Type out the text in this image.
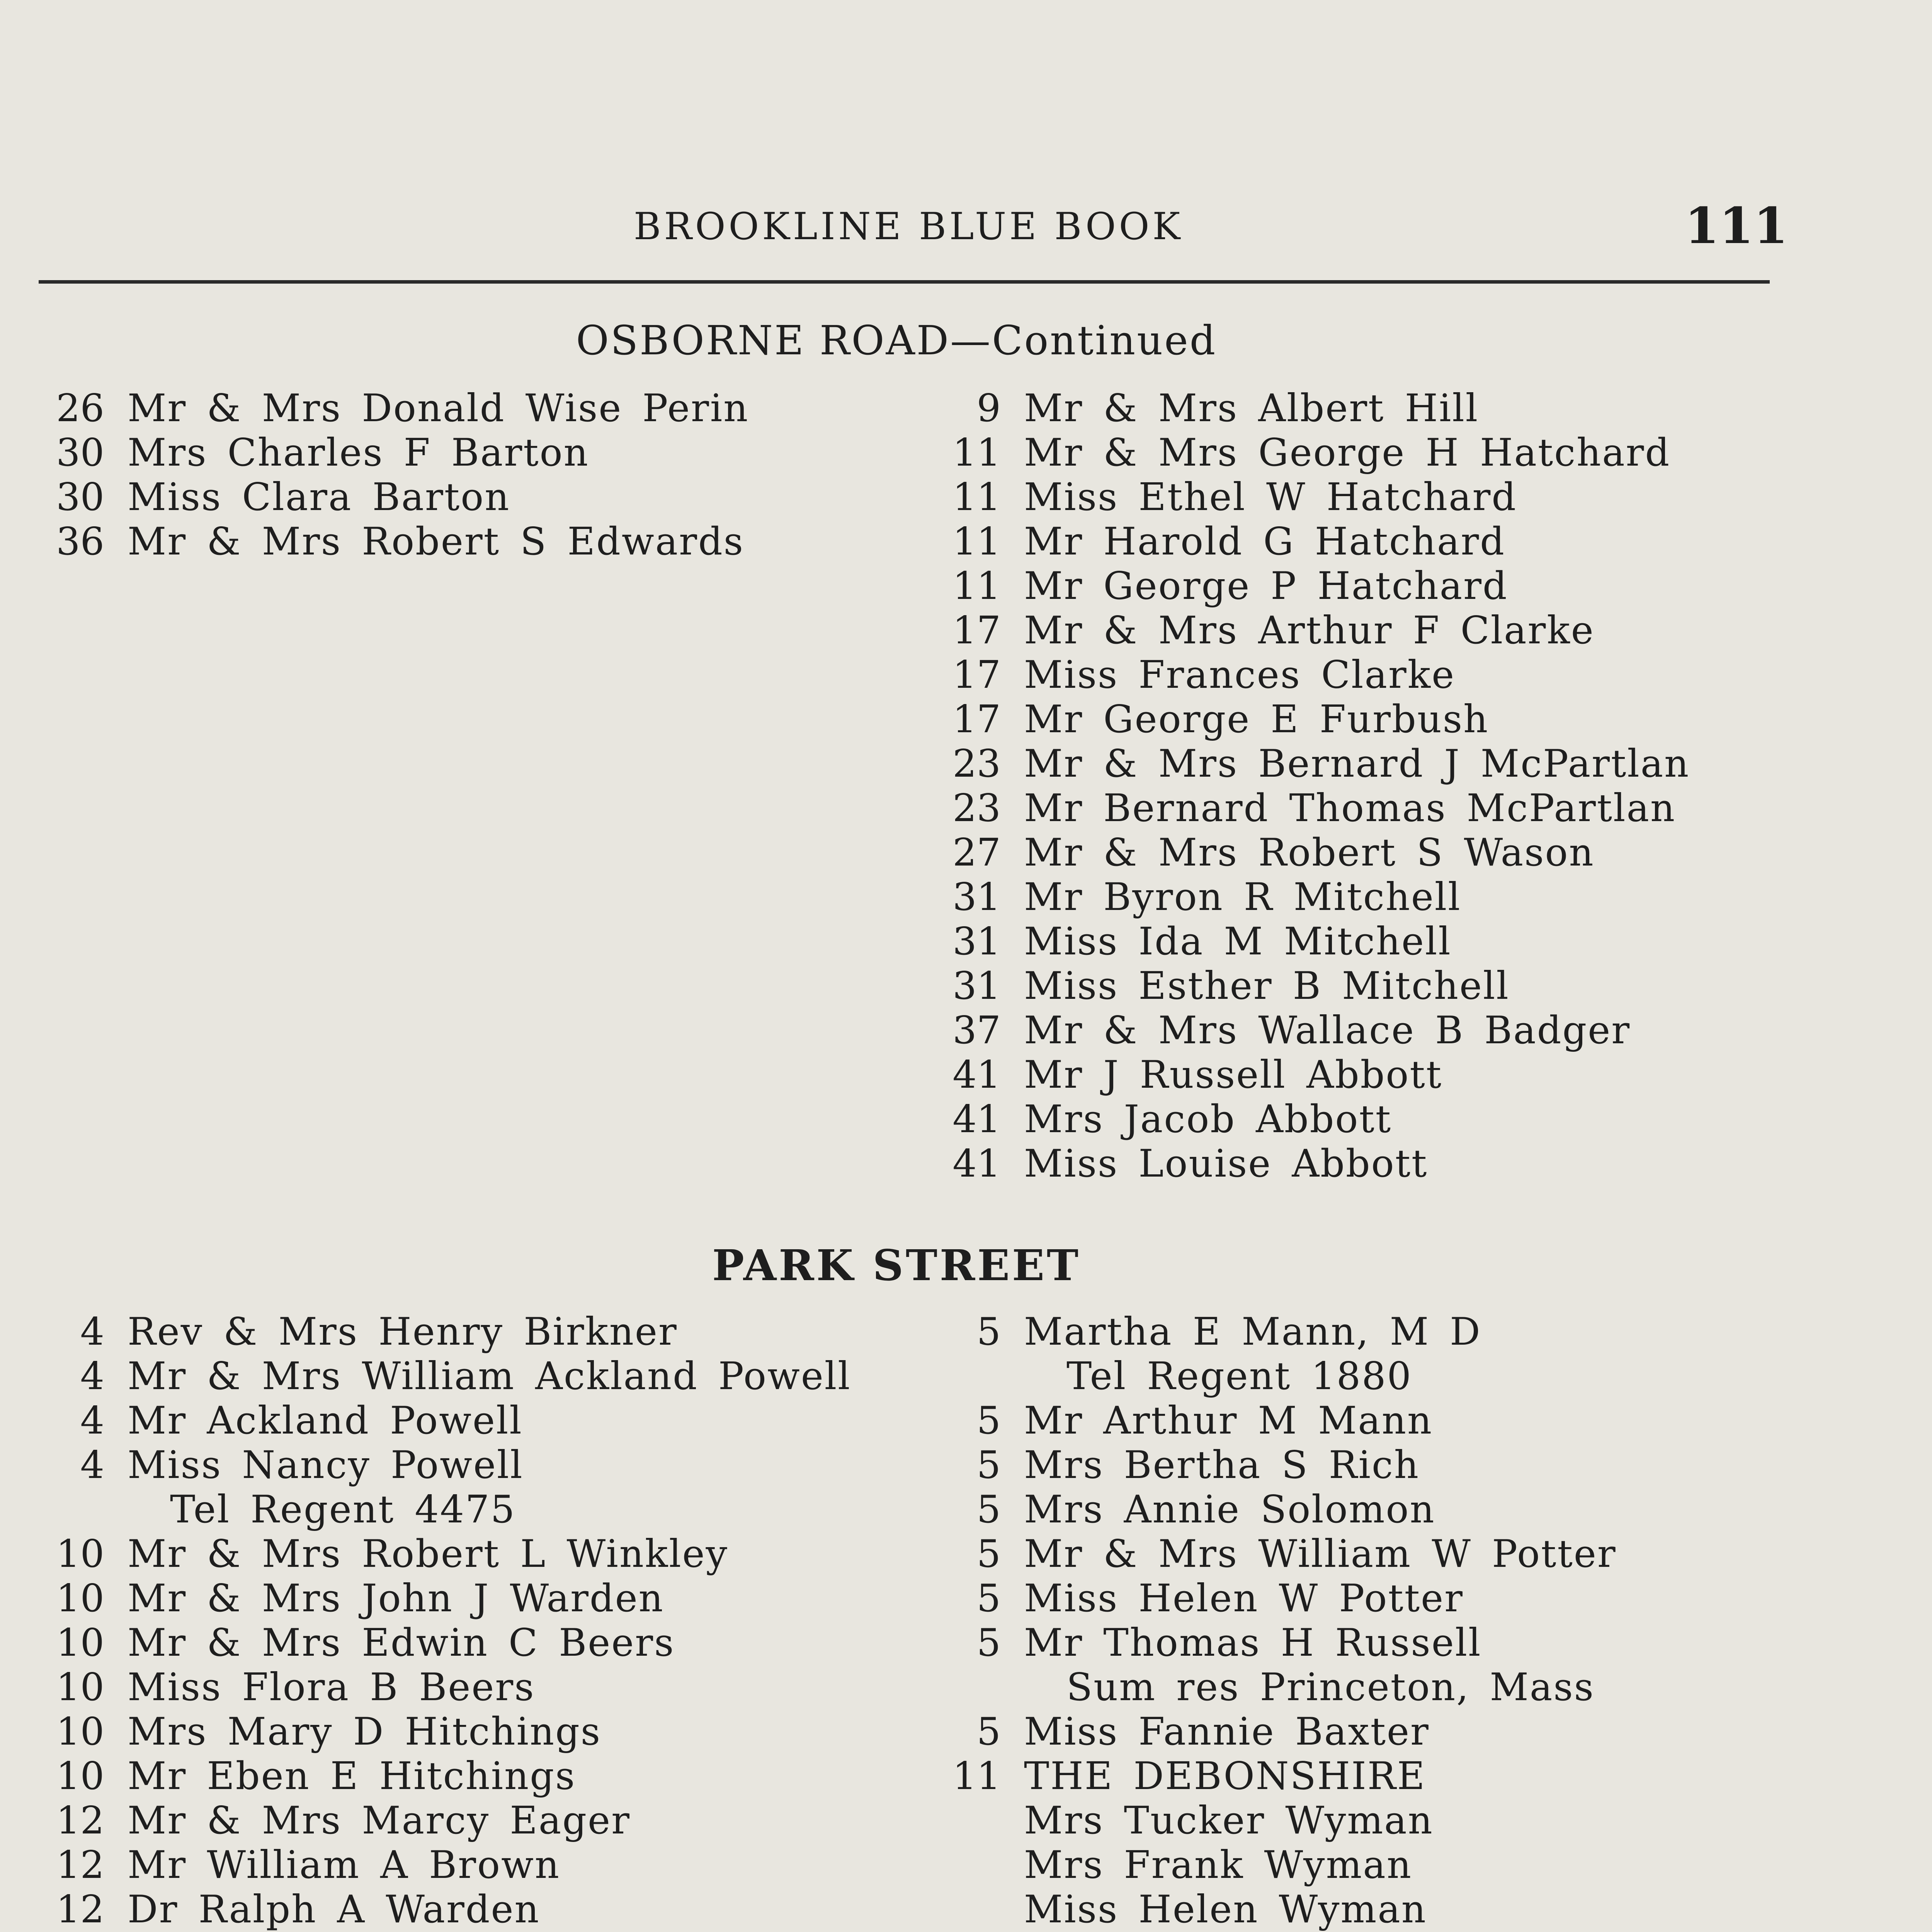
BROOKLINE BLUE BOOK	111
OSBORNE ROAD—Continued
26 Mr & Mrs Donald Wise Perin
30 Mrs Charles F Barton
30 Miss Clara Barton
36 Mr & Mrs Robert S Edwards
9 Mr & Mrs Albert Hill
11 Mr & Mrs George H Hatchard
11 Miss Ethel W Hatchard
11 Mr Harold G Hatchard
11 Mr George P Hatchard
17 Mr & Mrs Arthur F Clarke
17 Miss Frances Clarke
17 Mr George E Furbush
23 Mr & Mrs Bernard J McPartlan
23 Mr Bernard Thomas McPartlan
27 Mr & Mrs Robert S Wason
31 Mr Byron R Mitchell
31 Miss Ida M Mitchell
31 Miss Esther B Mitchell
37 Mr & Mrs Wallace B Badger
41 Mr J Russell Abbott
41 Mrs Jacob Abbott
41 Miss Louise Abbott
PARK STREET
4 Rev & Mrs Henry Birkner
4 Mr & Mrs William Ackland Powell
4 Mr Ackland Powell
4 Miss Nancy Powell
Tel Regent 4475
10 Mr & Mrs Robert L Winkley
10 Mr & Mrs John J Warden
10 Mr & Mrs Edwin C Beers
10 Miss Flora B Beers
10 Mrs Mary D Hitchings
10 Mr Eben E Hitchings
12 Mr & Mrs Marcy Eager
12 Mr William A Brown
12 Dr Ralph A Warden
5 Martha E Mann, M D
Tel Regent 1880
5 Mr Arthur M Mann
5 Mrs Bertha S Rich
5 Mrs Annie Solomon
5 Mr & Mrs William W Potter
5 Miss Helen W Potter
5 Mr Thomas H Russell
Sum res Princeton, Mass
5 Miss Fannie Baxter
11 THE DEBONSHIRE
Mrs Tucker Wyman
Mrs Frank Wyman
Miss Helen Wyman
